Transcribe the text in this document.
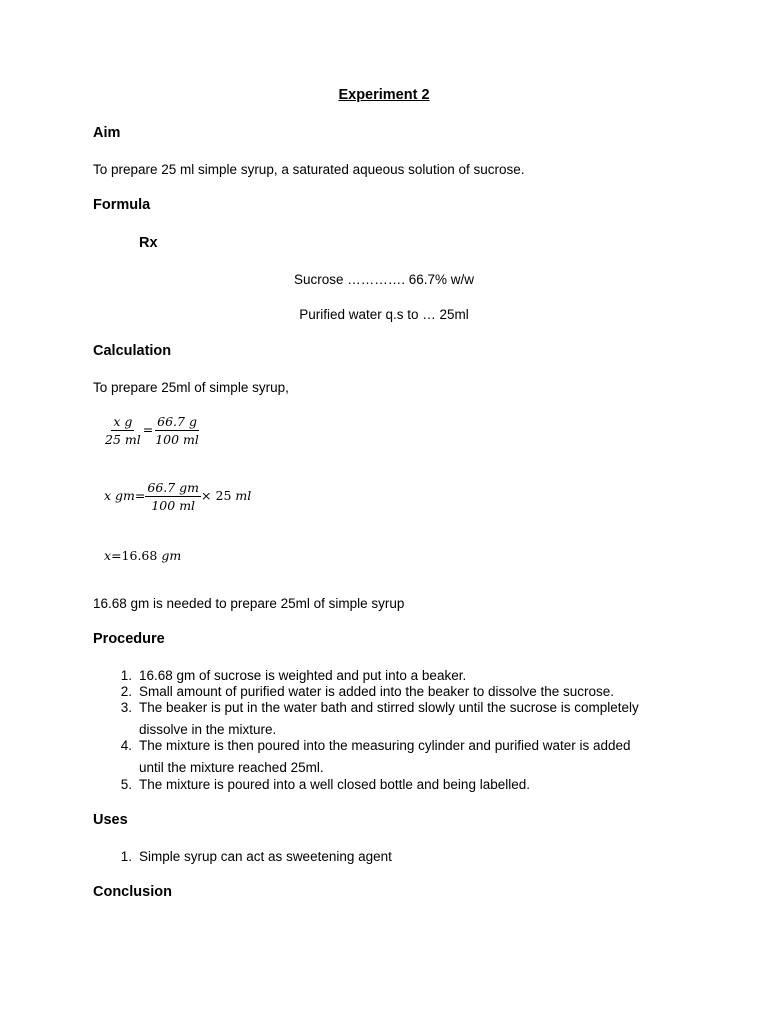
Experiment 2
Aim
To prepare 25 ml simple syrup, a saturated aqueous solution of sucrose.
Formula
Rx
Sucrose …………. 66.7% w/w
Purified water q.s to … 25ml
Calculation
To prepare 25ml of simple syrup,
$\frac{\text{x g}}{25 ml} = \frac{66.7 g}{100 ml}$
x $gm= \frac{66.7 gm}{100 ml} \times 25$ ml
x=16.68 gm
16.68 gm is needed to prepare 25ml of simple syrup
Procedure
1. 16.68 gm of sucrose is weighted and put into a beaker.
2. Small amount of purified water is added into the beaker to dissolve the sucrose.
3. The beaker is put in the water bath and stirred slowly until the sucrose is completely
dissolve in the mixture.
4. The mixture is then poured into the measuring cylinder and purified water is added
until the mixture reached 25ml.
5. The mixture is poured into a well closed bottle and being labelled.
Uses
1. Simple syrup can act as sweetening agent
Conclusion
